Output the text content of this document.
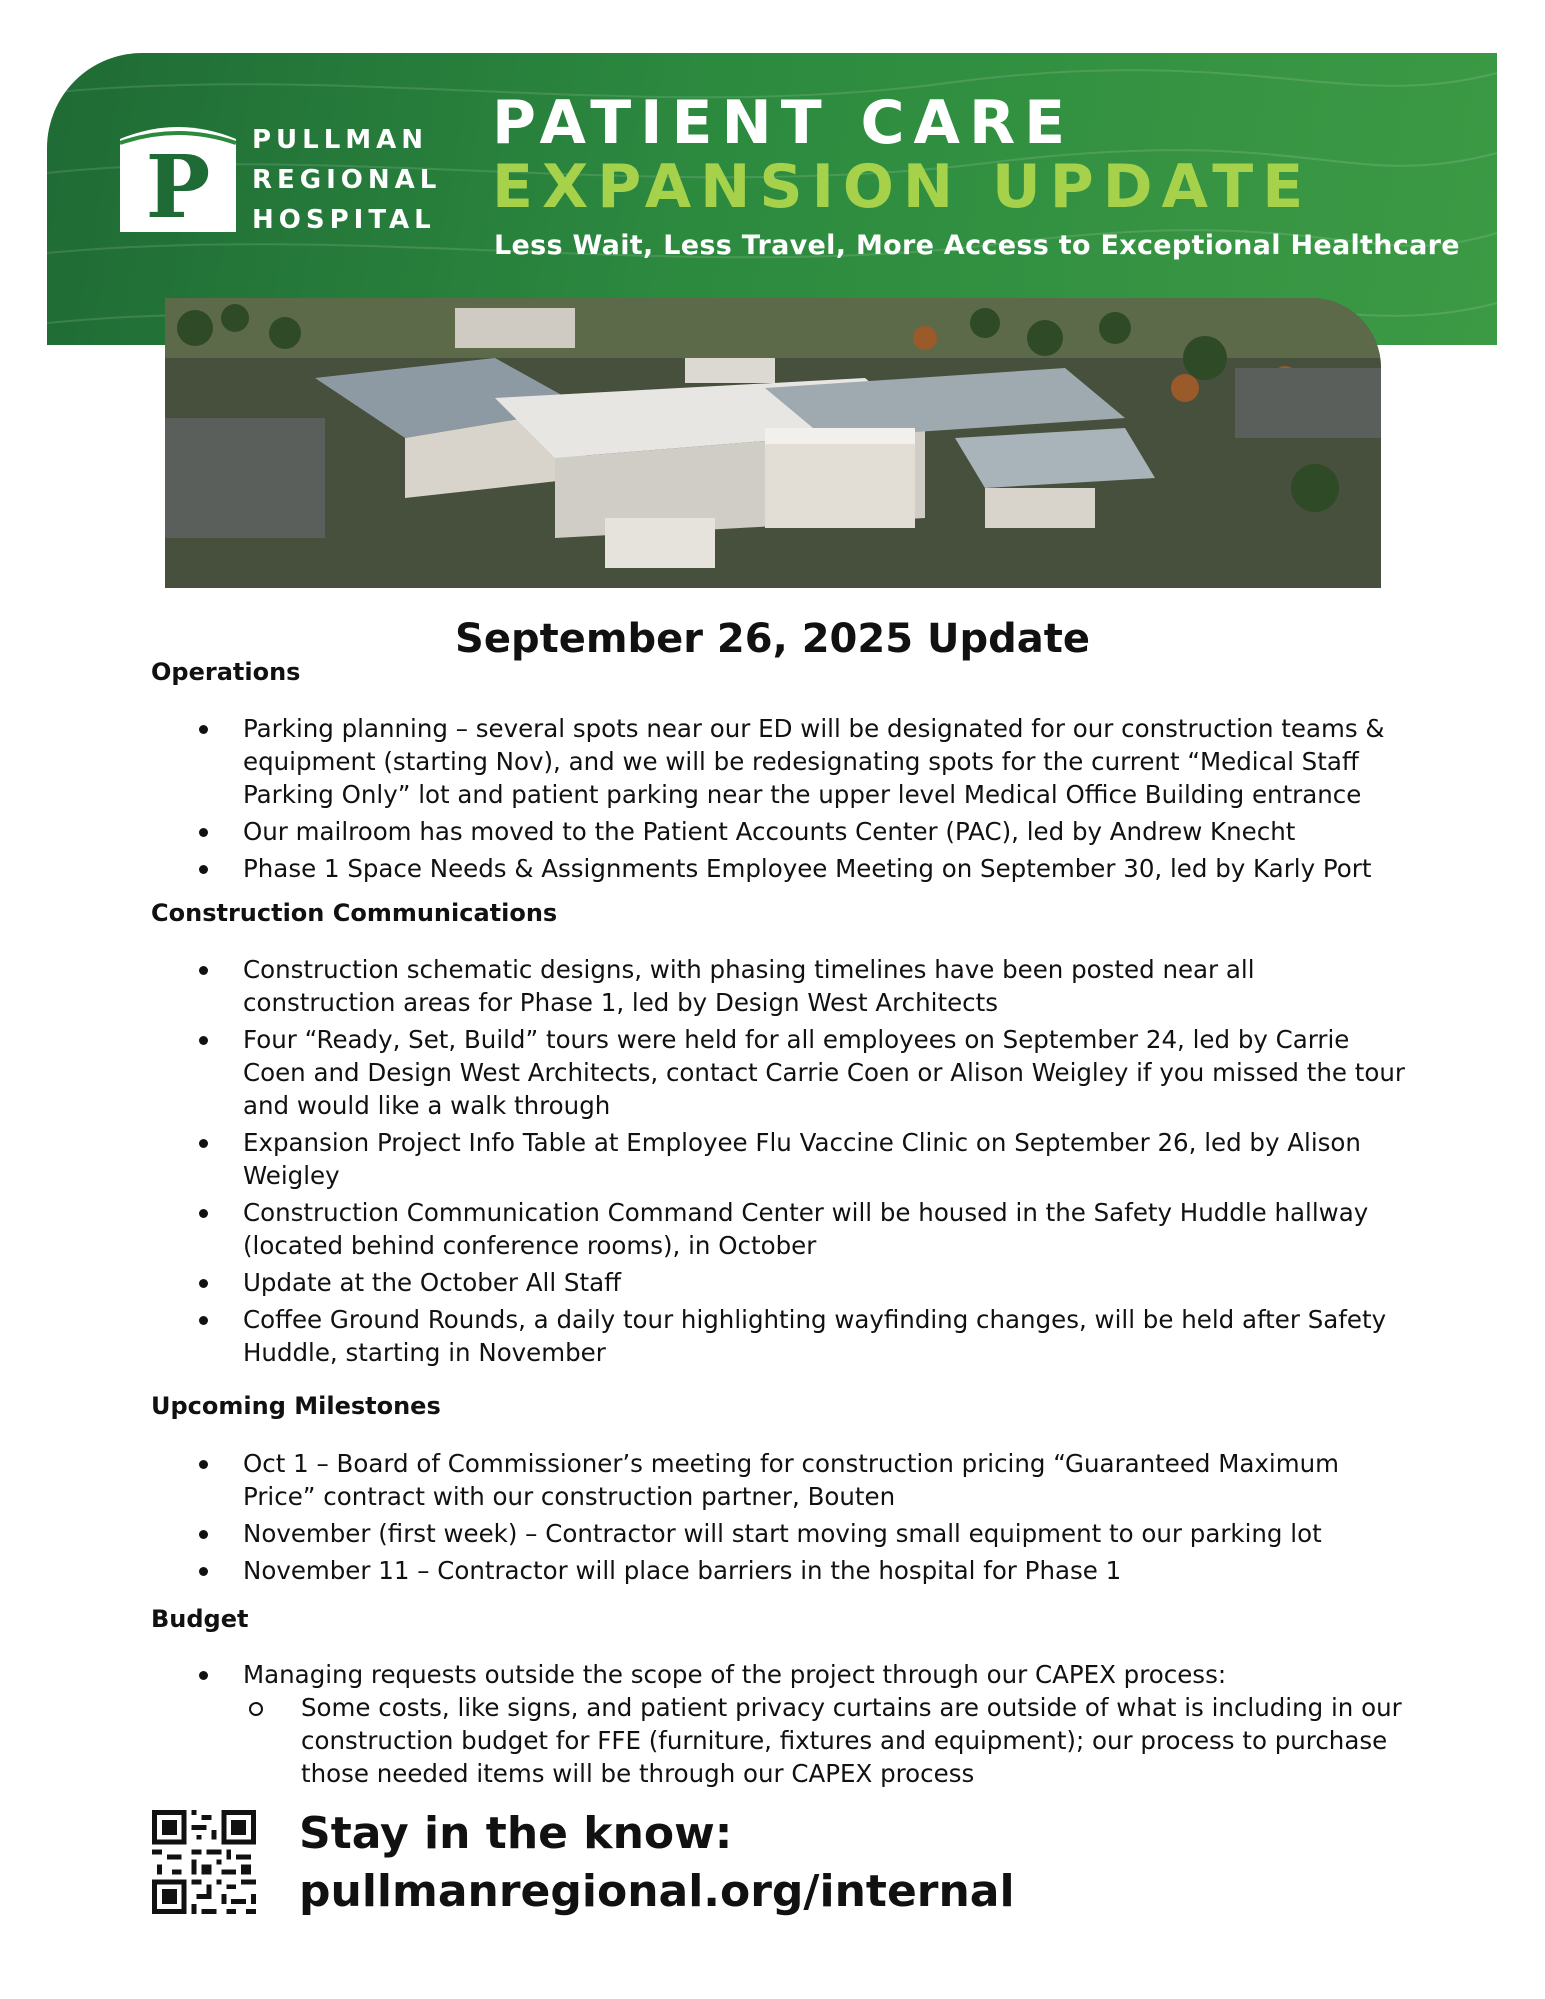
P PULLMAN
REGIONAL
HOSPITAL
PATIENT CARE
EXPANSION UPDATE
Less Wait, Less Travel, More Access to Exceptional Healthcare
September 26, 2025 Update
Operations
Parking planning – several spots near our ED will be designated for our construction teams & equipment (starting Nov), and we will be redesignating spots for the current “Medical Staff Parking Only” lot and patient parking near the upper level Medical Office Building entrance
Our mailroom has moved to the Patient Accounts Center (PAC), led by Andrew Knecht
Phase 1 Space Needs & Assignments Employee Meeting on September 30, led by Karly Port
Construction Communications
Construction schematic designs, with phasing timelines have been posted near all construction areas for Phase 1, led by Design West Architects
Four “Ready, Set, Build” tours were held for all employees on September 24, led by Carrie Coen and Design West Architects, contact Carrie Coen or Alison Weigley if you missed the tour and would like a walk through
Expansion Project Info Table at Employee Flu Vaccine Clinic on September 26, led by Alison Weigley
Construction Communication Command Center will be housed in the Safety Huddle hallway (located behind conference rooms), in October
Update at the October All Staff
Coffee Ground Rounds, a daily tour highlighting wayfinding changes, will be held after Safety Huddle, starting in November
Upcoming Milestones
Oct 1 – Board of Commissioner’s meeting for construction pricing “Guaranteed Maximum Price” contract with our construction partner, Bouten
November (first week) – Contractor will start moving small equipment to our parking lot
November 11 – Contractor will place barriers in the hospital for Phase 1
Budget
Managing requests outside the scope of the project through our CAPEX process:
Some costs, like signs, and patient privacy curtains are outside of what is including in our construction budget for FFE (furniture, fixtures and equipment); our process to purchase those needed items will be through our CAPEX process
Stay in the know:
pullmanregional.org/internal
